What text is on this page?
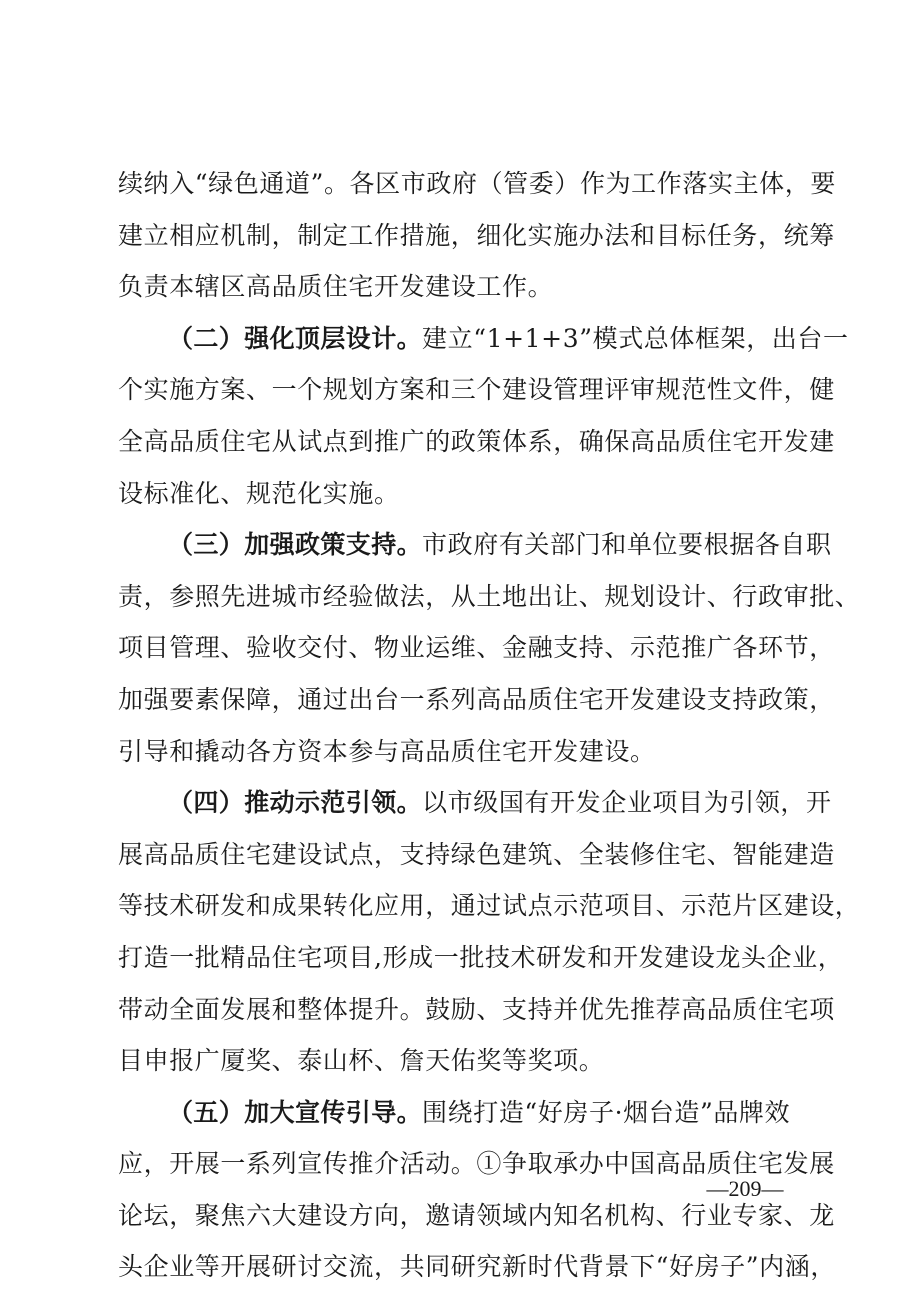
续纳入“绿色通道”。各区市政府（管委）作为工作落实主体，要
建立相应机制，制定工作措施，细化实施办法和目标任务，统筹
负责本辖区高品质住宅开发建设工作。
（二）强化顶层设计。建立“1+1+3”模式总体框架，出台一
个实施方案、一个规划方案和三个建设管理评审规范性文件，健
全高品质住宅从试点到推广的政策体系，确保高品质住宅开发建
设标准化、规范化实施。
（三）加强政策支持。市政府有关部门和单位要根据各自职
责，参照先进城市经验做法，从土地出让、规划设计、行政审批、
项目管理、验收交付、物业运维、金融支持、示范推广各环节，
加强要素保障，通过出台一系列高品质住宅开发建设支持政策，
引导和撬动各方资本参与高品质住宅开发建设。
（四）推动示范引领。以市级国有开发企业项目为引领，开
展高品质住宅建设试点，支持绿色建筑、全装修住宅、智能建造
等技术研发和成果转化应用，通过试点示范项目、示范片区建设，
打造一批精品住宅项目,形成一批技术研发和开发建设龙头企业，
带动全面发展和整体提升。鼓励、支持并优先推荐高品质住宅项
目申报广厦奖、泰山杯、詹天佑奖等奖项。
（五）加大宣传引导。围绕打造“好房子·烟台造”品牌效
应，开展一系列宣传推介活动。①争取承办中国高品质住宅发展
论坛，聚焦六大建设方向，邀请领域内知名机构、行业专家、龙
头企业等开展研讨交流，共同研究新时代背景下“好房子”内涵，
—209—
